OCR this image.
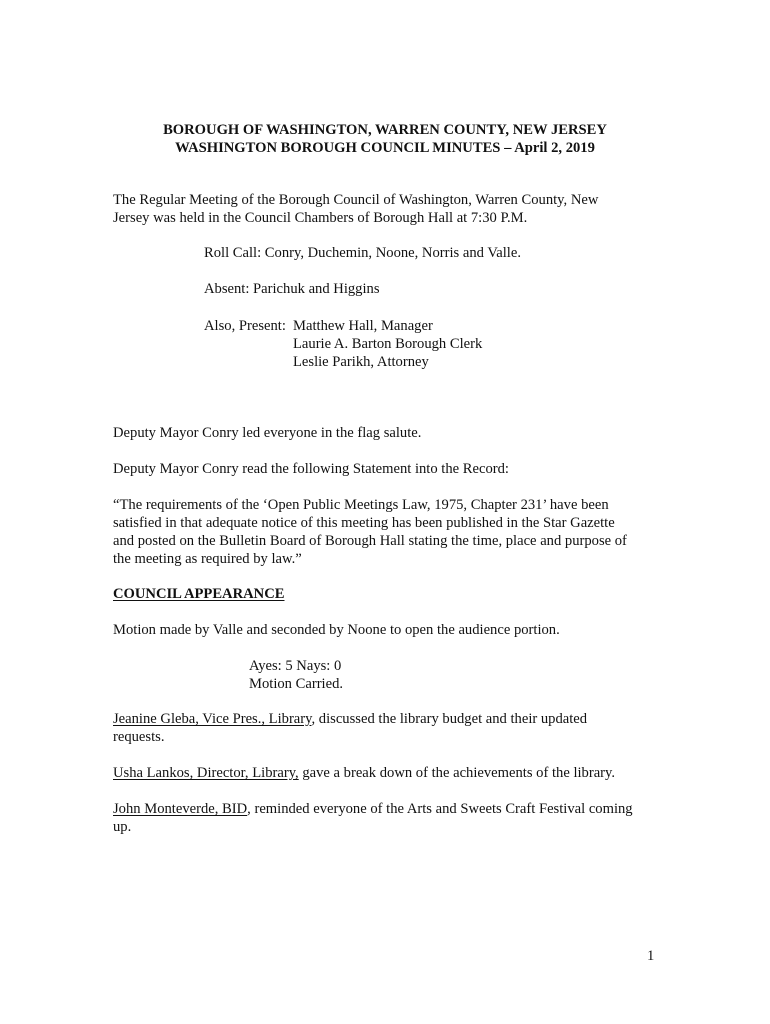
BOROUGH OF WASHINGTON, WARREN COUNTY, NEW JERSEY
WASHINGTON BOROUGH COUNCIL MINUTES – April 2, 2019
The Regular Meeting of the Borough Council of Washington, Warren County, New
Jersey was held in the Council Chambers of Borough Hall at 7:30 P.M.
Roll Call: Conry, Duchemin, Noone, Norris and Valle.
Absent: Parichuk and Higgins
Also, Present: Matthew Hall, Manager
Laurie A. Barton Borough Clerk
Leslie Parikh, Attorney
Deputy Mayor Conry led everyone in the flag salute.
Deputy Mayor Conry read the following Statement into the Record:
“The requirements of the ‘Open Public Meetings Law, 1975, Chapter 231’ have been
satisfied in that adequate notice of this meeting has been published in the Star Gazette
and posted on the Bulletin Board of Borough Hall stating the time, place and purpose of
the meeting as required by law.”
COUNCIL APPEARANCE
Motion made by Valle and seconded by Noone to open the audience portion.
Ayes: 5 Nays: 0
Motion Carried.
Jeanine Gleba, Vice Pres., Library, discussed the library budget and their updated
requests.
Usha Lankos, Director, Library, gave a break down of the achievements of the library.
John Monteverde, BID, reminded everyone of the Arts and Sweets Craft Festival coming
up.
1
